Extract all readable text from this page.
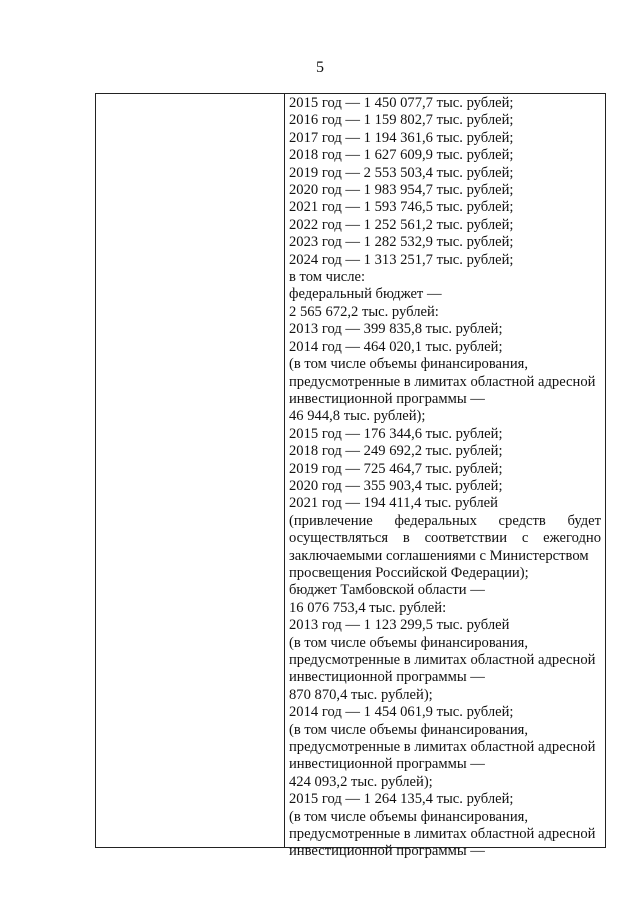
5
2015 год — 1 450 077,7 тыс. рублей;
2016 год — 1 159 802,7 тыс. рублей;
2017 год — 1 194 361,6 тыс. рублей;
2018 год — 1 627 609,9 тыс. рублей;
2019 год — 2 553 503,4 тыс. рублей;
2020 год — 1 983 954,7 тыс. рублей;
2021 год — 1 593 746,5 тыс. рублей;
2022 год — 1 252 561,2 тыс. рублей;
2023 год — 1 282 532,9 тыс. рублей;
2024 год — 1 313 251,7 тыс. рублей;
в том числе:
федеральный бюджет —
2 565 672,2 тыс. рублей:
2013 год — 399 835,8 тыс. рублей;
2014 год — 464 020,1 тыс. рублей;
(в том числе объемы финансирования,
предусмотренные в лимитах областной адресной
инвестиционной программы —
46 944,8 тыс. рублей);
2015 год — 176 344,6 тыс. рублей;
2018 год — 249 692,2 тыс. рублей;
2019 год — 725 464,7 тыс. рублей;
2020 год — 355 903,4 тыс. рублей;
2021 год — 194 411,4 тыс. рублей
(привлечение федеральных средств будет
осуществляться в соответствии с ежегодно
заключаемыми соглашениями с Министерством
просвещения Российской Федерации);
бюджет Тамбовской области —
16 076 753,4 тыс. рублей:
2013 год — 1 123 299,5 тыс. рублей
(в том числе объемы финансирования,
предусмотренные в лимитах областной адресной
инвестиционной программы —
870 870,4 тыс. рублей);
2014 год — 1 454 061,9 тыс. рублей;
(в том числе объемы финансирования,
предусмотренные в лимитах областной адресной
инвестиционной программы —
424 093,2 тыс. рублей);
2015 год — 1 264 135,4 тыс. рублей;
(в том числе объемы финансирования,
предусмотренные в лимитах областной адресной
инвестиционной программы —
